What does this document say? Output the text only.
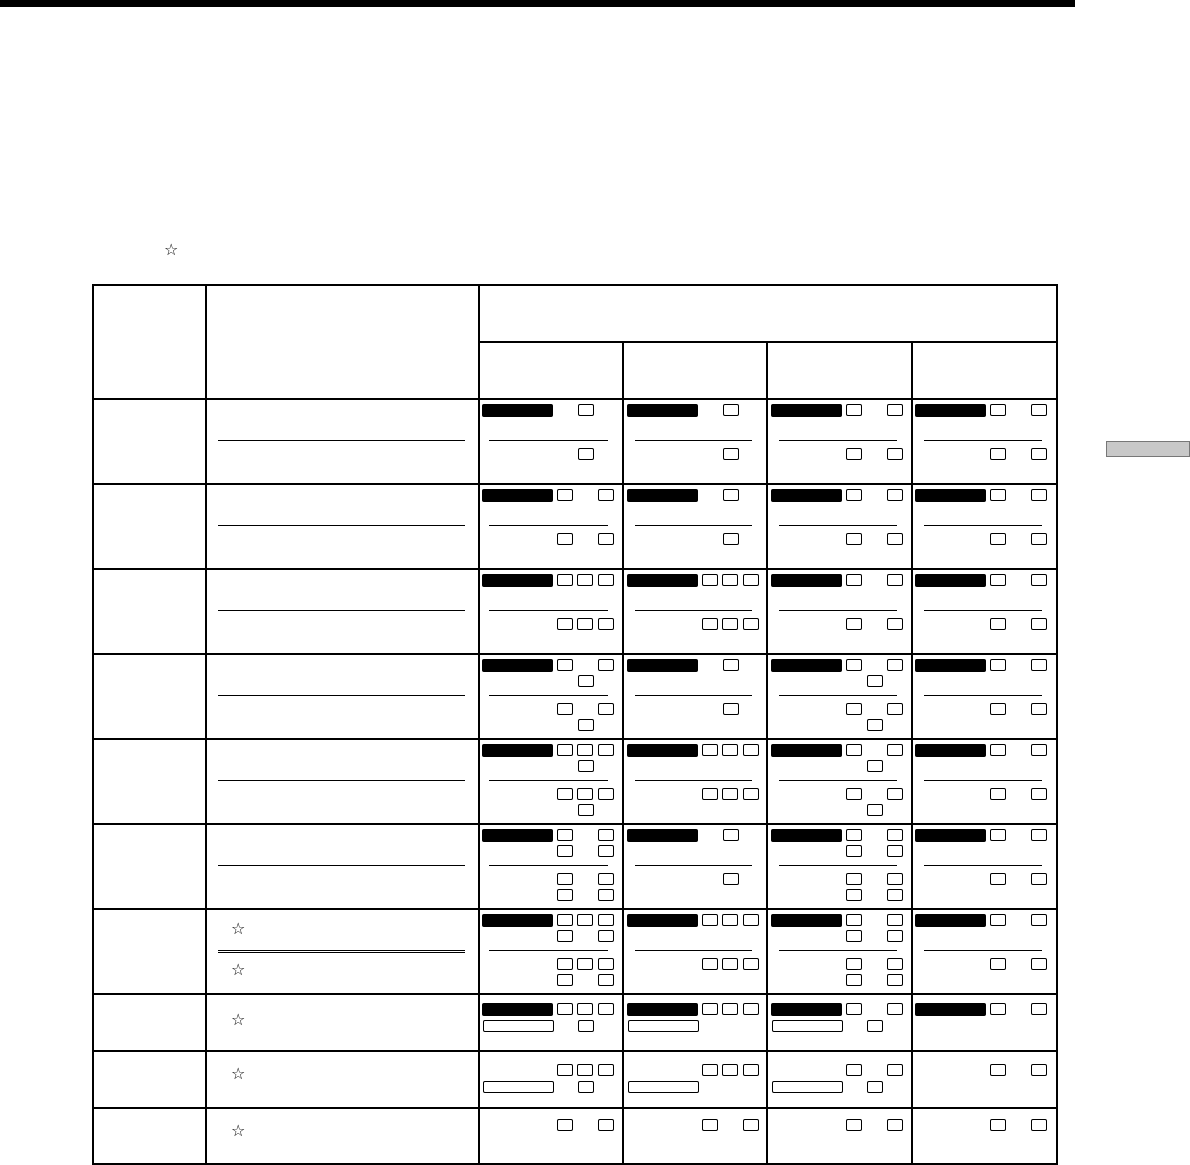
☆
☆
☆
☆
☆
☆
